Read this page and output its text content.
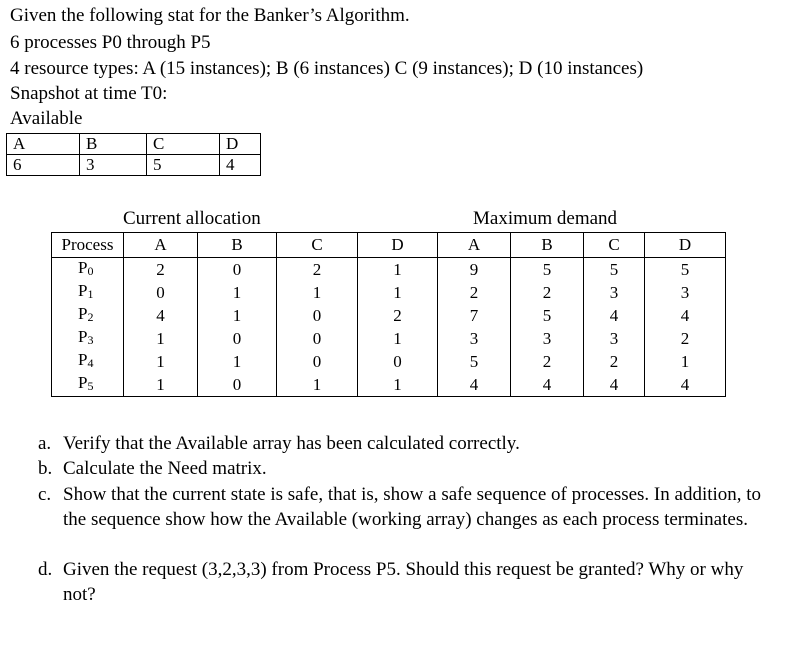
Given the following stat for the Banker’s Algorithm.
6 processes P0 through P5
4 resource types: A (15 instances); B (6 instances) C (9 instances); D (10 instances)
Snapshot at time T0:
Available
A	B	C	D
6	3	5	4
Current allocation	Maximum demand
Process	A	B	C	D	A	B	C	D
$P_0$	2	0	2	1	9	5	5	5
$P_1$	0	1	1	1	2	2	3	3
$P_2$	4	1	0	2	7	5	4	4
$P_3$	1	0	0	1	3	3	3	2
$P_4$	1	1	0	0	5	2	2	1
$P_5$	1	0	1	1	4	4	4	4
a. Verify that the Available array has been calculated correctly.
b. Calculate the Need matrix.
c. Show that the current state is safe, that is, show a safe sequence of processes. In addition, to the sequence show how the Available (working array) changes as each process terminates.
d. Given the request (3,2,3,3) from Process P5. Should this request be granted? Why or why not?
